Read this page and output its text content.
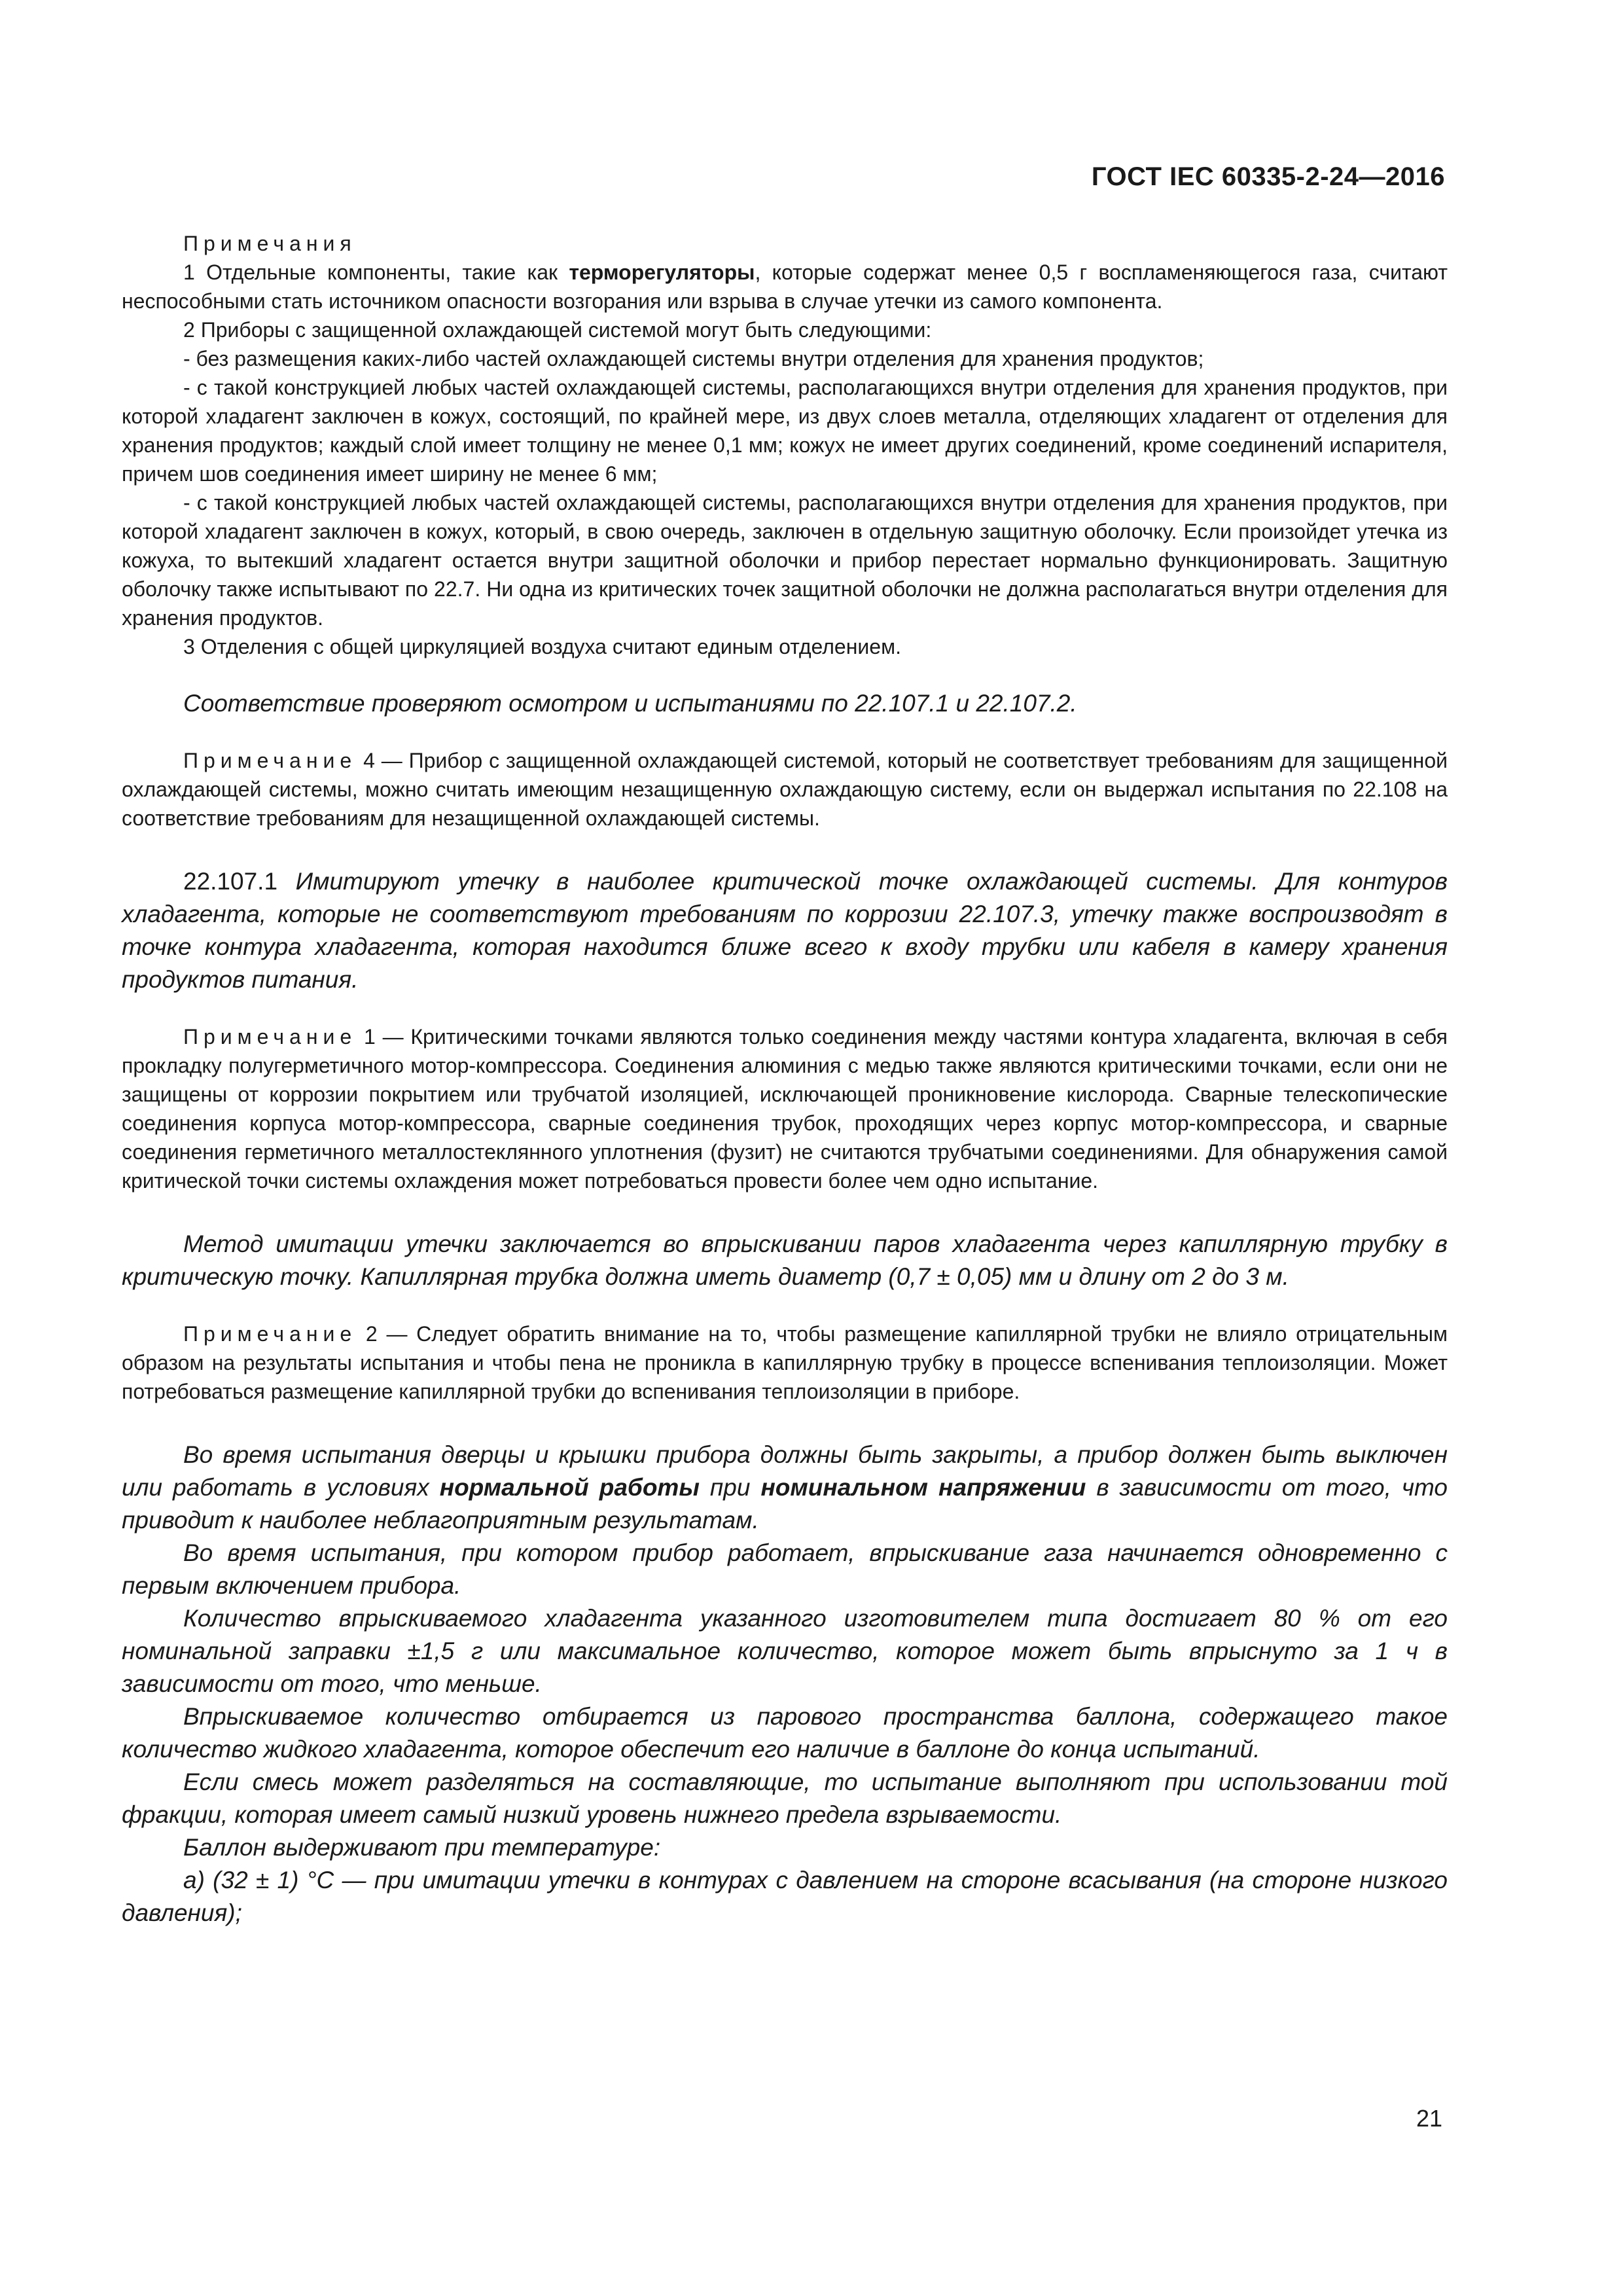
ГОСТ IEC 60335-2-24—2016

Примечания

1 Отдельные компоненты, такие как терморегуляторы, которые содержат менее 0,5 г воспламеняющегося газа, считают неспособными стать источником опасности возгорания или взрыва в случае утечки из самого компонента.

2 Приборы с защищенной охлаждающей системой могут быть следующими:

- без размещения каких-либо частей охлаждающей системы внутри отделения для хранения продуктов;

- с такой конструкцией любых частей охлаждающей системы, располагающихся внутри отделения для хранения продуктов, при которой хладагент заключен в кожух, состоящий, по крайней мере, из двух слоев металла, отделяющих хладагент от отделения для хранения продуктов; каждый слой имеет толщину не менее 0,1 мм; кожух не имеет других соединений, кроме соединений испарителя, причем шов соединения имеет ширину не менее 6 мм;

- с такой конструкцией любых частей охлаждающей системы, располагающихся внутри отделения для хранения продуктов, при которой хладагент заключен в кожух, который, в свою очередь, заключен в отдельную защитную оболочку. Если произойдет утечка из кожуха, то вытекший хладагент остается внутри защитной оболочки и прибор перестает нормально функционировать. Защитную оболочку также испытывают по 22.7. Ни одна из критических точек защитной оболочки не должна располагаться внутри отделения для хранения продуктов.

3 Отделения с общей циркуляцией воздуха считают единым отделением.

Соответствие проверяют осмотром и испытаниями по 22.107.1 и 22.107.2.

Примечание 4 — Прибор с защищенной охлаждающей системой, который не соответствует требованиям для защищенной охлаждающей системы, можно считать имеющим незащищенную охлаждающую систему, если он выдержал испытания по 22.108 на соответствие требованиям для незащищенной охлаждающей системы.

22.107.1 Имитируют утечку в наиболее критической точке охлаждающей системы. Для контуров хладагента, которые не соответствуют требованиям по коррозии 22.107.3, утечку также воспроизводят в точке контура хладагента, которая находится ближе всего к входу трубки или кабеля в камеру хранения продуктов питания.

Примечание 1 — Критическими точками являются только соединения между частями контура хладагента, включая в себя прокладку полугерметичного мотор-компрессора. Соединения алюминия с медью также являются критическими точками, если они не защищены от коррозии покрытием или трубчатой изоляцией, исключающей проникновение кислорода. Сварные телескопические соединения корпуса мотор-компрессора, сварные соединения трубок, проходящих через корпус мотор-компрессора, и сварные соединения герметичного металлостеклянного уплотнения (фузит) не считаются трубчатыми соединениями. Для обнаружения самой критической точки системы охлаждения может потребоваться провести более чем одно испытание.

Метод имитации утечки заключается во впрыскивании паров хладагента через капиллярную трубку в критическую точку. Капиллярная трубка должна иметь диаметр (0,7 ± 0,05) мм и длину от 2 до 3 м.

Примечание 2 — Следует обратить внимание на то, чтобы размещение капиллярной трубки не влияло отрицательным образом на результаты испытания и чтобы пена не проникла в капиллярную трубку в процессе вспенивания теплоизоляции. Может потребоваться размещение капиллярной трубки до вспенивания теплоизоляции в приборе.

Во время испытания дверцы и крышки прибора должны быть закрыты, а прибор должен быть выключен или работать в условиях нормальной работы при номинальном напряжении в зависимости от того, что приводит к наиболее неблагоприятным результатам.

Во время испытания, при котором прибор работает, впрыскивание газа начинается одновременно с первым включением прибора.

Количество впрыскиваемого хладагента указанного изготовителем типа достигает 80 % от его номинальной заправки ±1,5 г или максимальное количество, которое может быть впрыснуто за 1 ч в зависимости от того, что меньше.

Впрыскиваемое количество отбирается из парового пространства баллона, содержащего такое количество жидкого хладагента, которое обеспечит его наличие в баллоне до конца испытаний.

Если смесь может разделяться на составляющие, то испытание выполняют при использовании той фракции, которая имеет самый низкий уровень нижнего предела взрываемости.

Баллон выдерживают при температуре:

а) (32 ± 1) °С — при имитации утечки в контурах с давлением на стороне всасывания (на стороне низкого давления);

21
